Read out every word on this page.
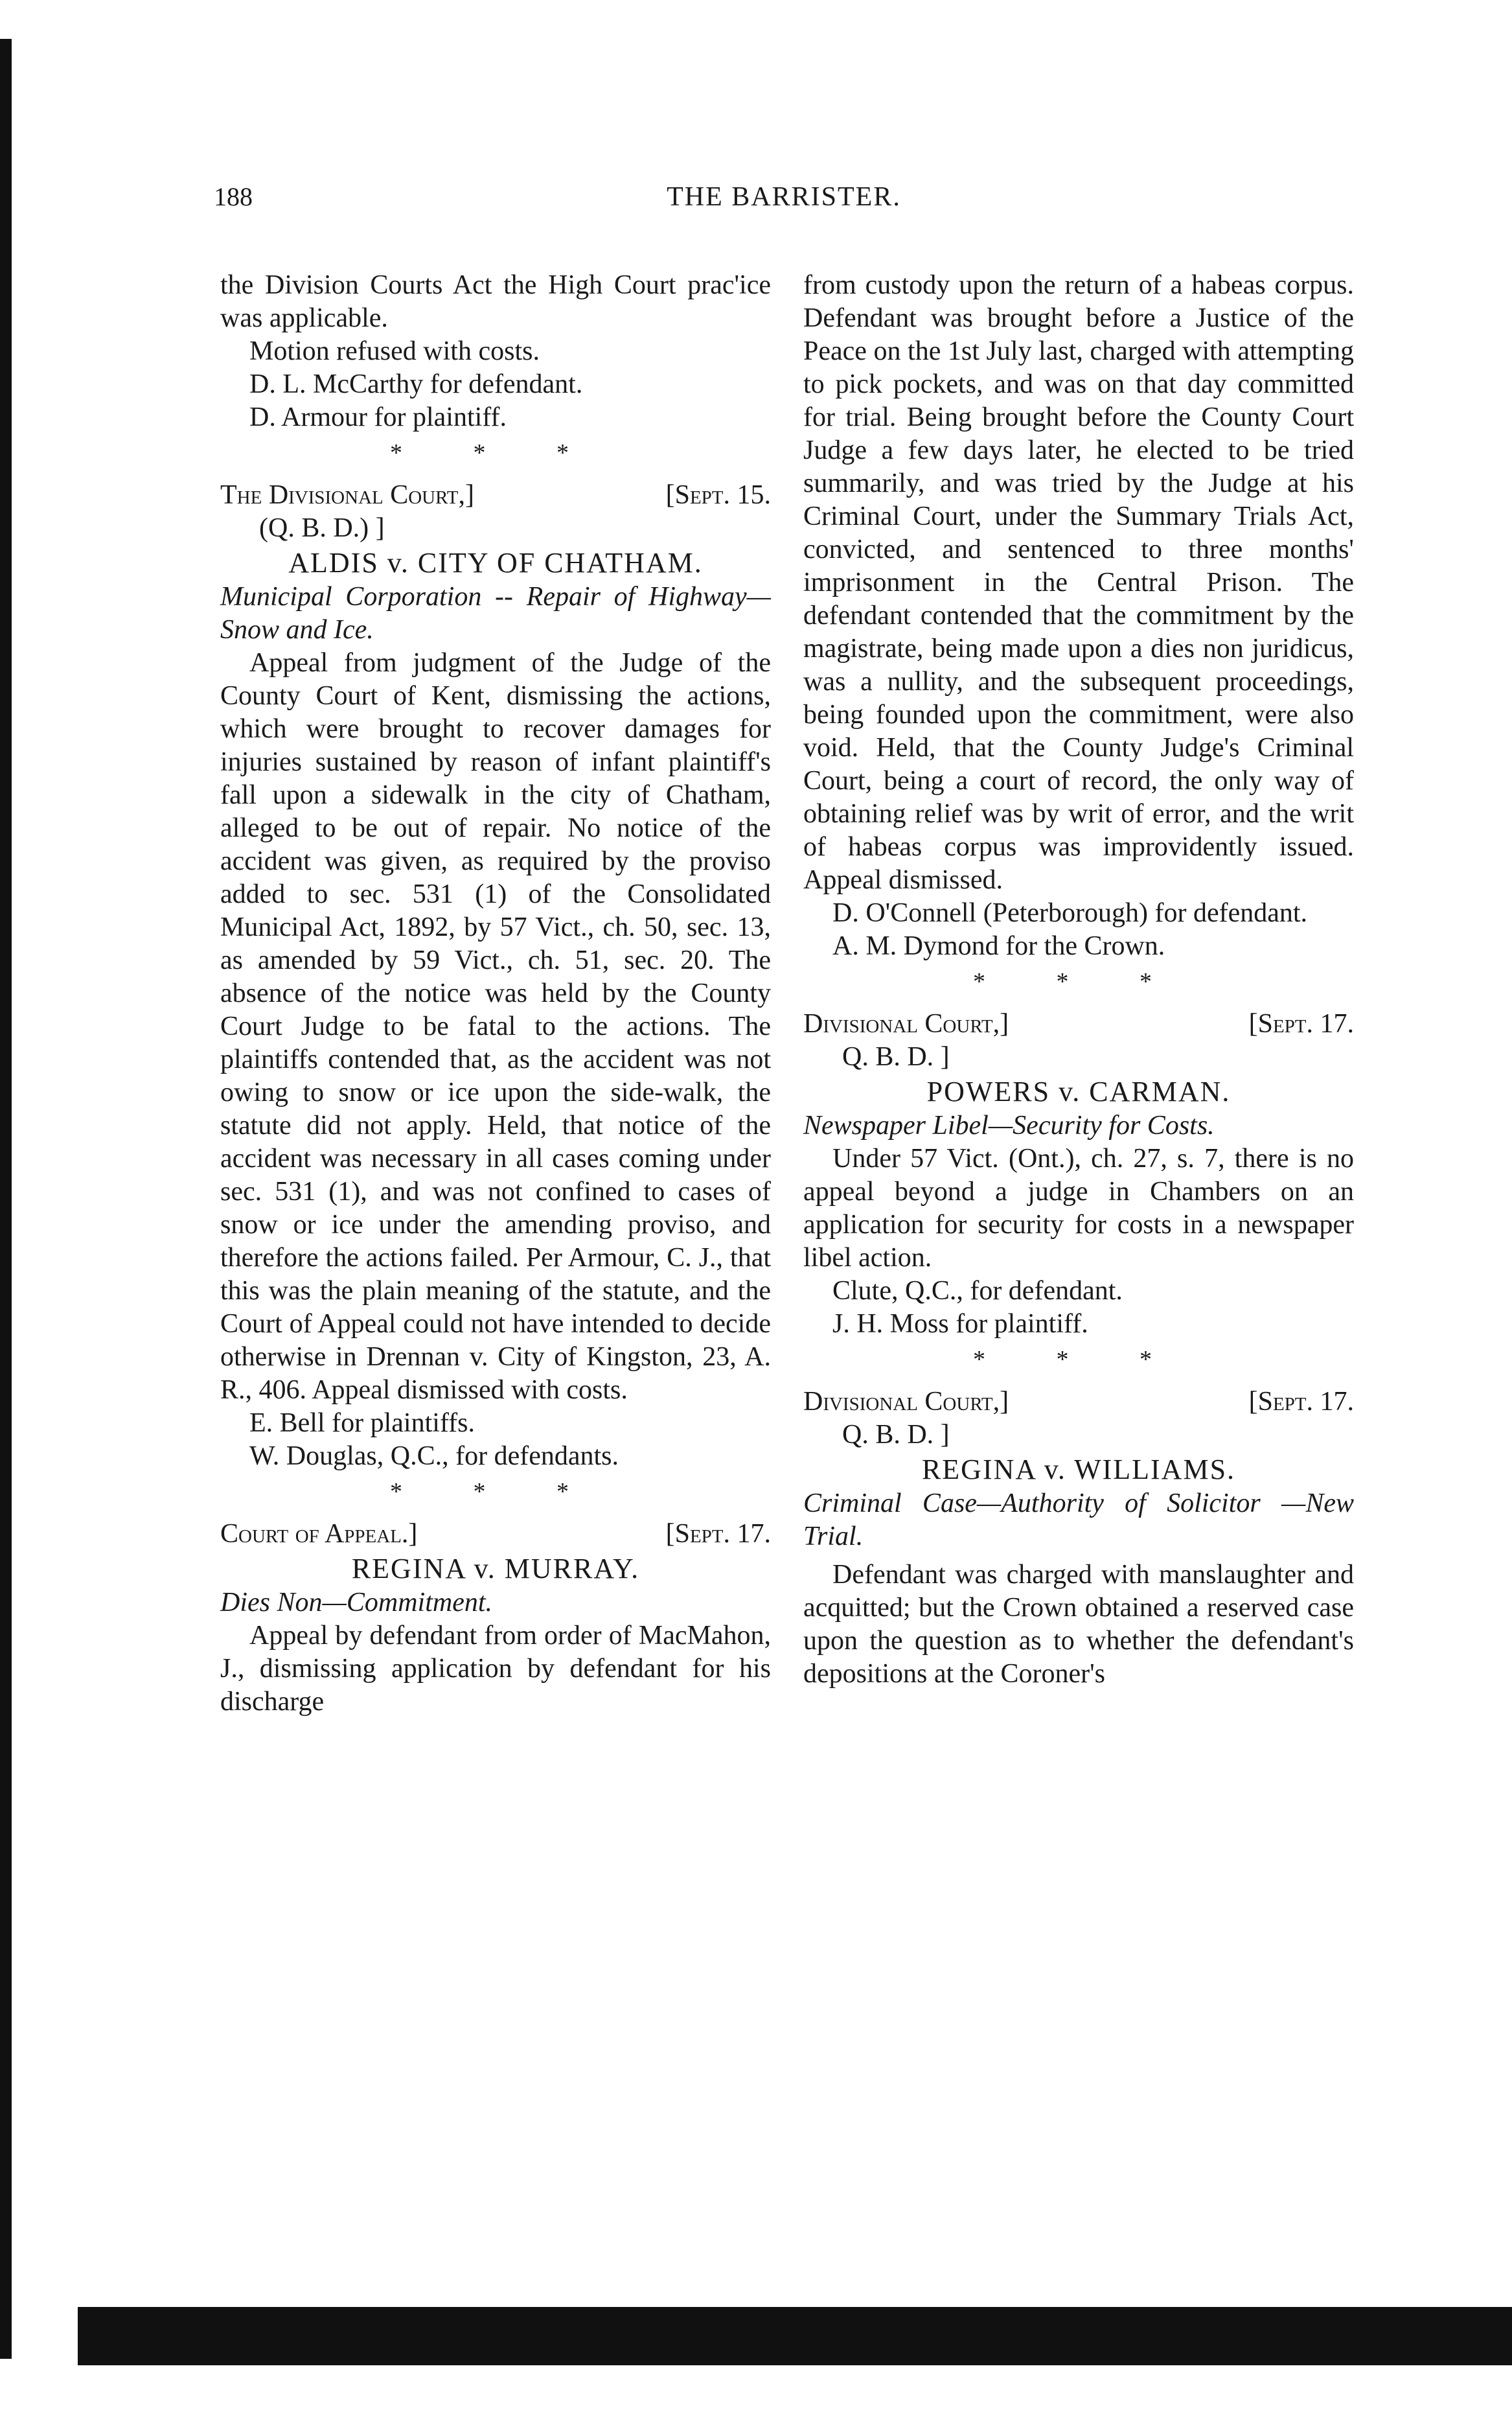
188	THE BARRISTER.

the Division Courts Act the High Court prac'ice was applicable.

Motion refused with costs.

D. L. McCarthy for defendant.

D. Armour for plaintiff.

* * *
The Divisional Court,]	[Sept. 15.
(Q. B. D.) ]
ALDIS v. CITY OF CHATHAM.

Municipal Corporation -- Repair of Highway—Snow and Ice.

Appeal from judgment of the Judge of the County Court of Kent, dismissing the actions, which were brought to recover damages for injuries sustained by reason of infant plaintiff's fall upon a sidewalk in the city of Chatham, alleged to be out of repair. No notice of the accident was given, as required by the proviso added to sec. 531 (1) of the Consolidated Municipal Act, 1892, by 57 Vict., ch. 50, sec. 13, as amended by 59 Vict., ch. 51, sec. 20. The absence of the notice was held by the County Court Judge to be fatal to the actions. The plaintiffs contended that, as the accident was not owing to snow or ice upon the side-walk, the statute did not apply. Held, that notice of the accident was necessary in all cases coming under sec. 531 (1), and was not confined to cases of snow or ice under the amending proviso, and therefore the actions failed. Per Armour, C. J., that this was the plain meaning of the statute, and the Court of Appeal could not have intended to decide otherwise in Drennan v. City of Kingston, 23, A. R., 406. Appeal dismissed with costs.

E. Bell for plaintiffs.

W. Douglas, Q.C., for defendants.

* * *
Court of Appeal.]	[Sept. 17.
REGINA v. MURRAY.

Dies Non—Commitment.

Appeal by defendant from order of MacMahon, J., dismissing application by defendant for his discharge

from custody upon the return of a habeas corpus. Defendant was brought before a Justice of the Peace on the 1st July last, charged with attempting to pick pockets, and was on that day committed for trial. Being brought before the County Court Judge a few days later, he elected to be tried summarily, and was tried by the Judge at his Criminal Court, under the Summary Trials Act, convicted, and sentenced to three months' imprisonment in the Central Prison. The defendant contended that the commitment by the magistrate, being made upon a dies non juridicus, was a nullity, and the subsequent proceedings, being founded upon the commitment, were also void. Held, that the County Judge's Criminal Court, being a court of record, the only way of obtaining relief was by writ of error, and the writ of habeas corpus was improvidently issued. Appeal dismissed.

D. O'Connell (Peterborough) for defendant.

A. M. Dymond for the Crown.

* * *
Divisional Court,]	[Sept. 17.
Q. B. D. ]
POWERS v. CARMAN.

Newspaper Libel—Security for Costs.

Under 57 Vict. (Ont.), ch. 27, s. 7, there is no appeal beyond a judge in Chambers on an application for security for costs in a newspaper libel action.

Clute, Q.C., for defendant.

J. H. Moss for plaintiff.

* * *
Divisional Court,]	[Sept. 17.
Q. B. D. ]
REGINA v. WILLIAMS.

Criminal Case—Authority of Solicitor —New Trial.

Defendant was charged with manslaughter and acquitted; but the Crown obtained a reserved case upon the question as to whether the defendant's depositions at the Coroner's
